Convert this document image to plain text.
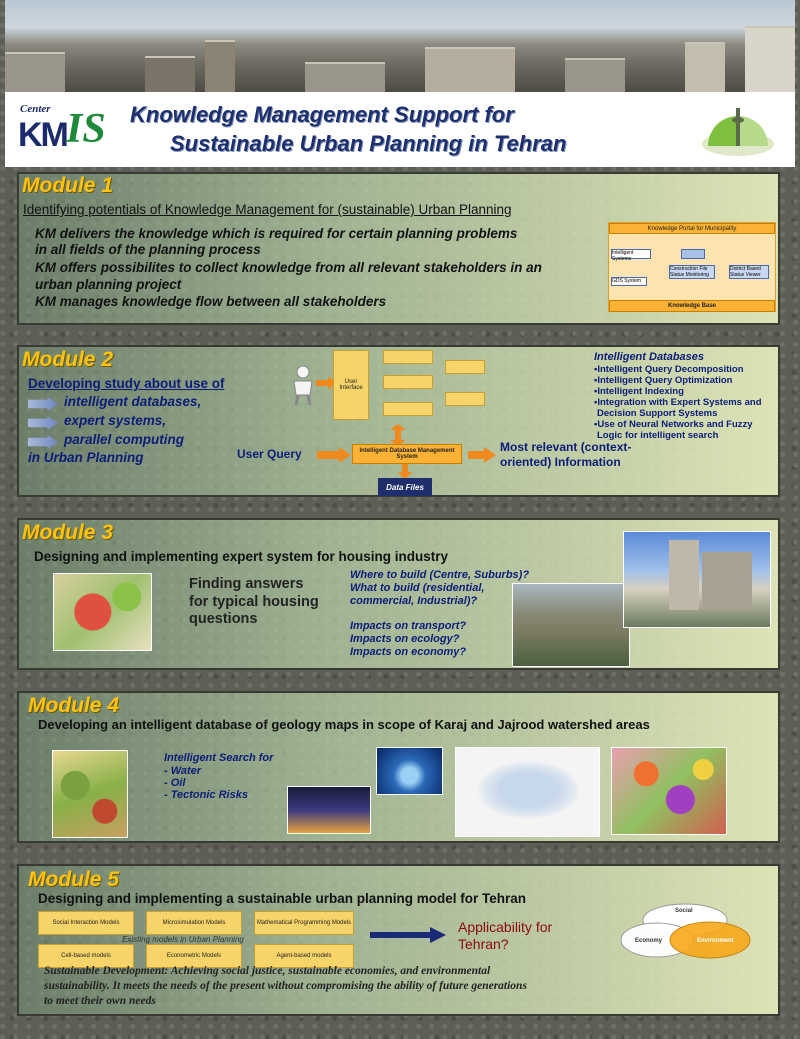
Center
KM IS	Knowledge Management Support for
Sustainable Urban Planning in Tehran
Module 1
Identifying potentials of Knowledge Management for (sustainable) Urban Planning
KM delivers the knowledge which is required for certain planning problems
in all fields of the planning process
KM offers possibilites to collect knowledge from all relevant stakeholders in an
urban planning project
KM manages knowledge flow between all stakeholders
Knowledge Portal for Municipality
Intelligent Systems
Construction File Status Monitoring
District Based Status Viewer
GDS System
Knowledge Base
Module 2
Developing study about use of
intelligent databases,
expert systems,
parallel computing
in Urban Planning
User Interface
User Query	Intelligent Database Management System
Data Files
Most relevant (context-oriented) Information
Intelligent Databases
•Intelligent Query Decomposition
•Intelligent Query Optimization
•Intelligent Indexing
•Integration with Expert Systems and
Decision Support Systems
•Use of Neural Networks and Fuzzy
Logic for intelligent search
Module 3
Designing and implementing expert system for housing industry
Finding answers
for typical housing
questions
Where to build (Centre, Suburbs)?
What to build (residential,
commercial, Industrial)?
Impacts on transport?
Impacts on ecology?
Impacts on economy?
Module 4
Developing an intelligent database of geology maps in scope of Karaj and Jajrood watershed areas
Intelligent Search for
- Water
- Oil
- Tectonic Risks
Module 5
Designing and implementing a sustainable urban planning model for Tehran
Social Interaction Models	Microsimulation Models	Mathematical Programming Models
Cell-based models	Econometric Models	Agent-based models
Existing models in Urban Planning
Applicability for
Tehran?
Social
Economy	Environment
Sustainable Development: Achieving social justice, sustainable economies, and environmental
sustainability. It meets the needs of the present without compromising the ability of future generations
to meet their own needs
